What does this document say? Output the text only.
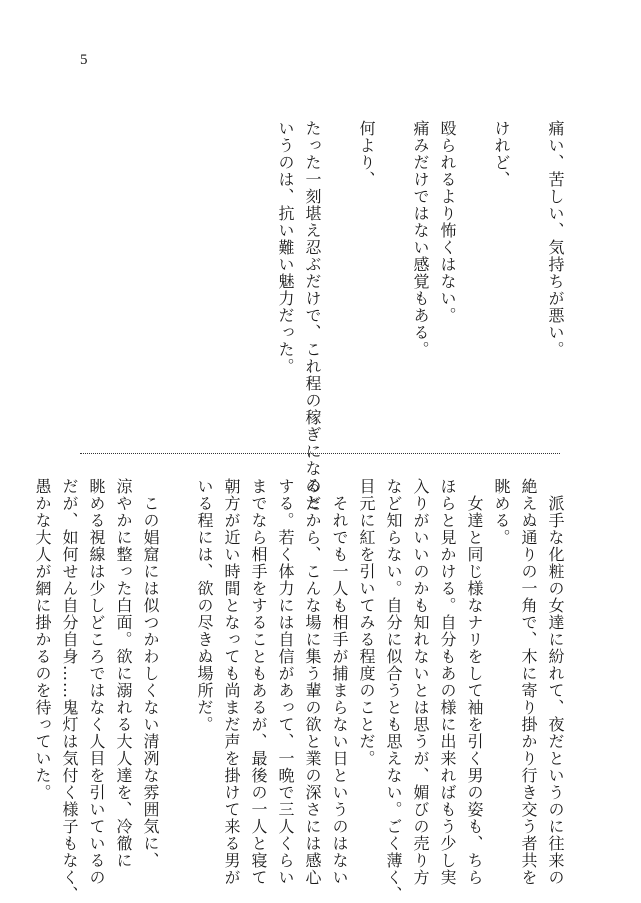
5
痛い、苦しい、気持ちが悪い。
けれど、
殴られるより怖くはない。
痛みだけではない感覚もある。
何より、
たった一刻堪え忍ぶだけで、これ程の稼ぎになると
いうのは、抗い難い魅力だった。
　派手な化粧の女達に紛れて、夜だというのに往来の
絶えぬ通りの一角で、木に寄り掛かり行き交う者共を
眺める。
　女達と同じ様なナリをして袖を引く男の姿も、ちら
ほらと見かける。自分もあの様に出来ればもう少し実
入りがいいのかも知れないとは思うが、媚びの売り方
など知らない。自分に似合うとも思えない。ごく薄く、
目元に紅を引いてみる程度のことだ。
　それでも一人も相手が捕まらない日というのはない
のだから、こんな場に集う輩の欲と業の深さには感心
する。若く体力には自信があって、一晩で三人くらい
までなら相手をすることもあるが、最後の一人と寝て
朝方が近い時間となっても尚まだ声を掛けて来る男が
いる程には、欲の尽きぬ場所だ。
　この娼窟には似つかわしくない清冽な雰囲気に、
涼やかに整った白面。欲に溺れる大人達を、冷徹に
眺める視線は少しどころではなく人目を引いているの
だが、如何せん自分自身……鬼灯は気付く様子もなく、
愚かな大人が網に掛かるのを待っていた。
